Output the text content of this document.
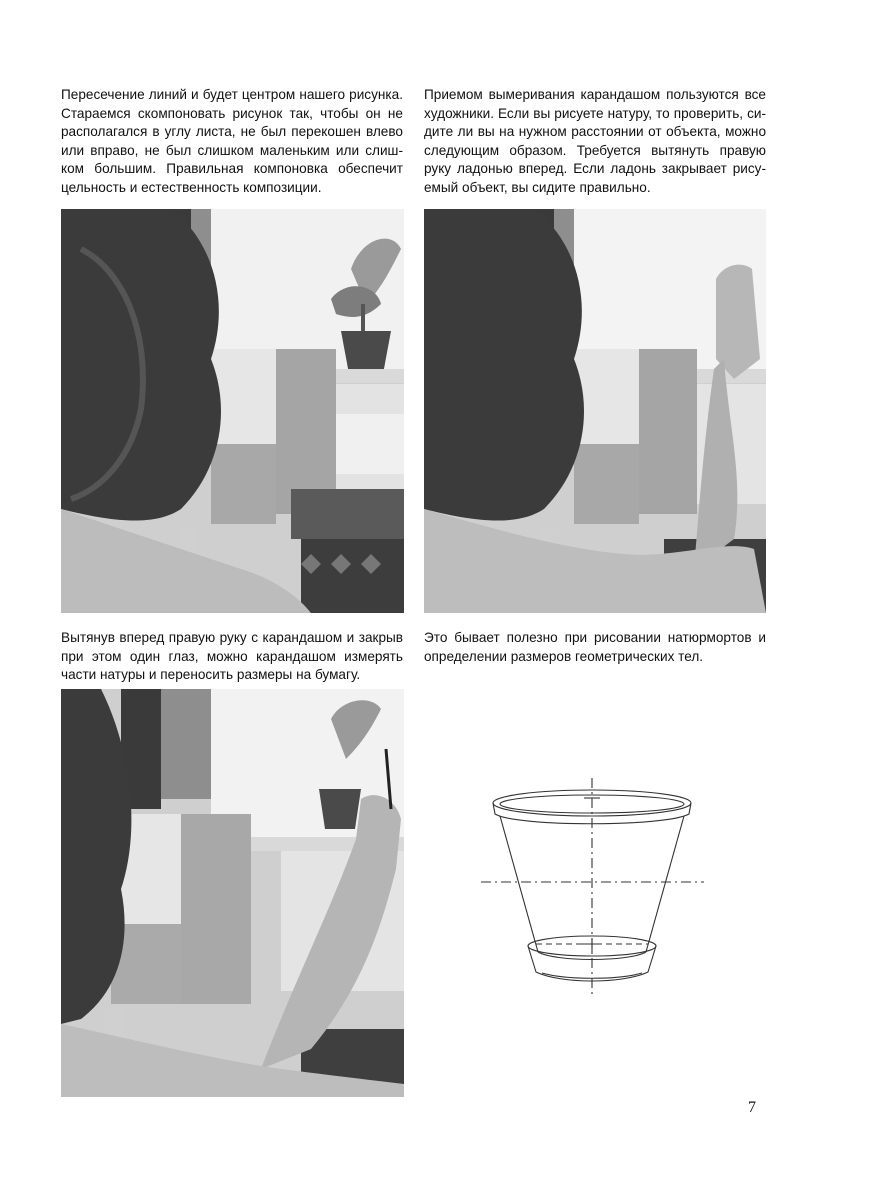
Пересечение линий и будет центром нашего рисунка. Стараемся скомпоновать рисунок так, чтобы он не располагался в углу листа, не был перекошен влево или вправо, не был слишком маленьким или слишком большим. Правильная компоновка обеспечит цельность и естественность композиции.
Приемом вымеривания карандашом пользуются все художники. Если вы рисуете натуру, то проверить, сидите ли вы на нужном расстоянии от объекта, можно следующим образом. Требуется вытянуть правую руку ладонью вперед. Если ладонь закрывает рисуемый объект, вы сидите правильно.
Вытянув вперед правую руку с карандашом и закрыв при этом один глаз, можно карандашом измерять части натуры и переносить размеры на бумагу.
Это бывает полезно при рисовании натюрмортов и определении размеров геометрических тел.
7
